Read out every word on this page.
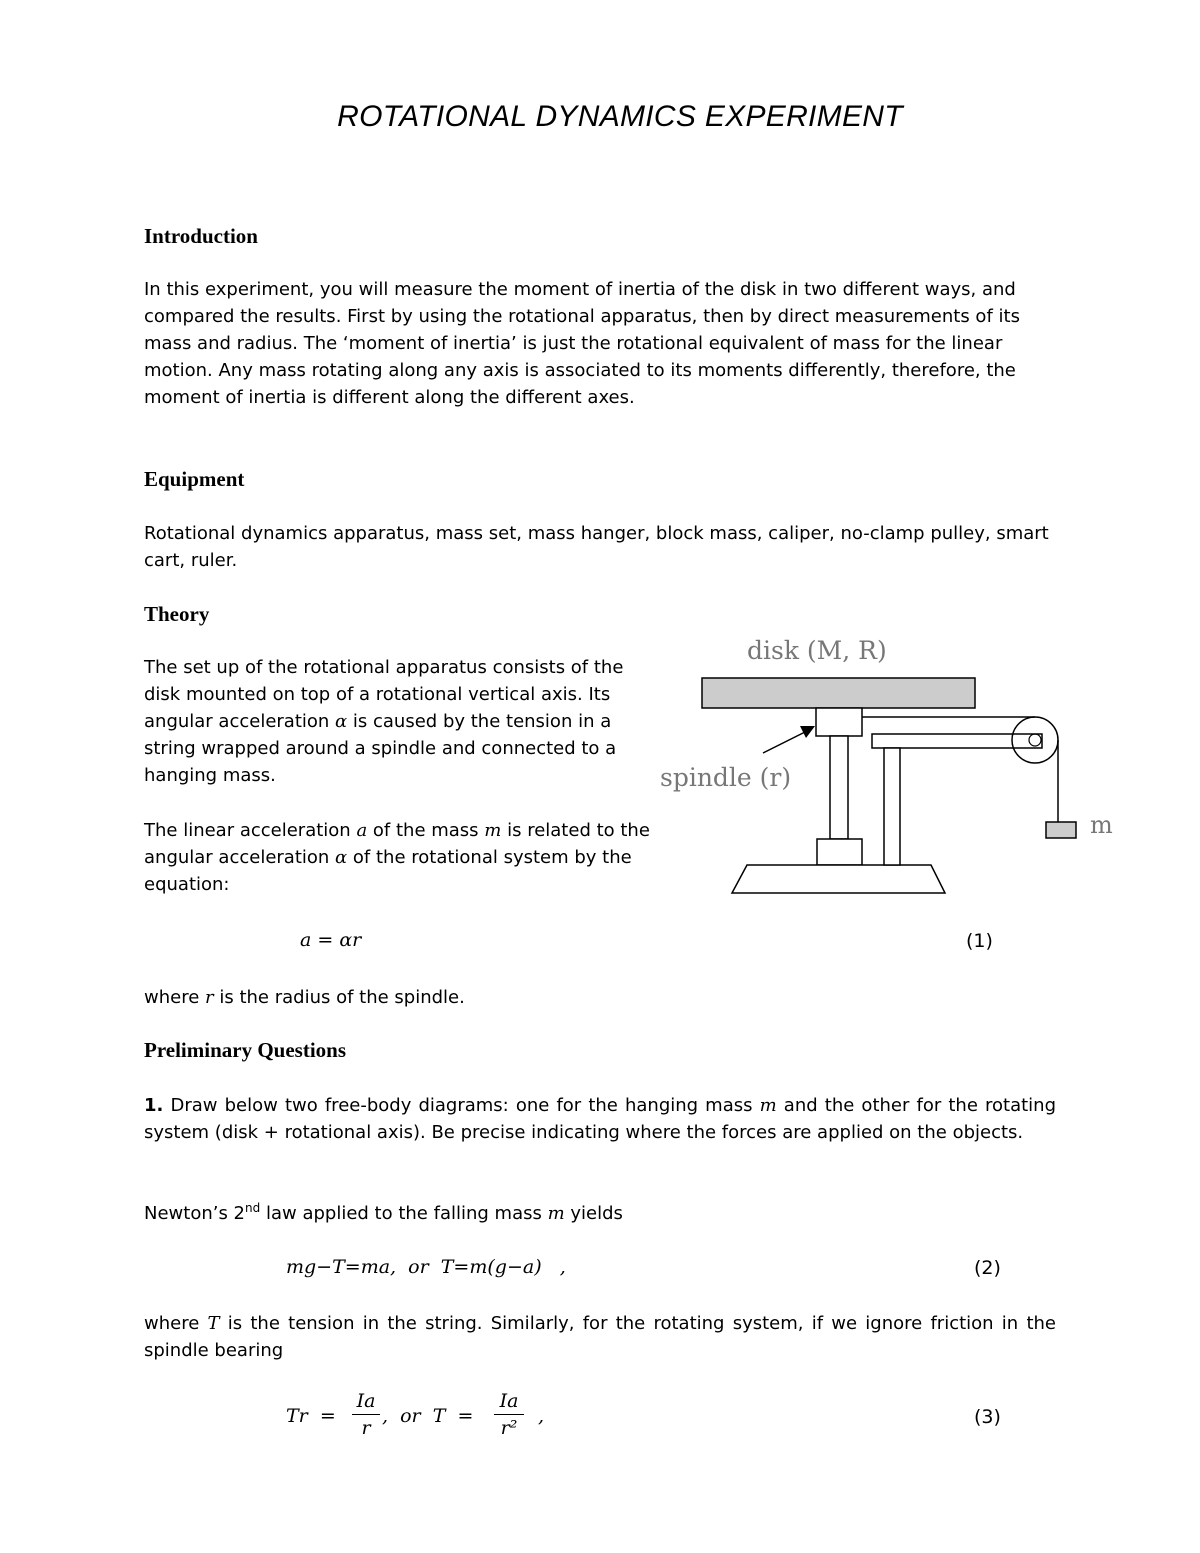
ROTATIONAL DYNAMICS EXPERIMENT
Introduction
In this experiment, you will measure the moment of inertia of the disk in two different ways, and compared the results. First by using the rotational apparatus, then by direct measurements of its mass and radius. The ‘moment of inertia’ is just the rotational equivalent of mass for the linear motion. Any mass rotating along any axis is associated to its moments differently, therefore, the moment of inertia is different along the different axes.
Equipment
Rotational dynamics apparatus, mass set, mass hanger, block mass, caliper, no-clamp pulley, smart cart, ruler.
Theory
The set up of the rotational apparatus consists of the disk mounted on top of a rotational vertical axis. Its angular acceleration α is caused by the tension in a string wrapped around a spindle and connected to a hanging mass.
The linear acceleration a of the mass m is related to the angular acceleration α of the rotational system by the equation:
disk (M, R)
m
spindle (r)
a = αr	(1)
where r is the radius of the spindle.
Preliminary Questions
1. Draw below two free-body diagrams: one for the hanging mass m and the other for the rotating system (disk + rotational axis). Be precise indicating where the forces are applied on the objects.
Newton’s 2nd law applied to the falling mass m yields
mg−T=ma,  or  T=m(g−a)   ,	(2)
where T is the tension in the string. Similarly, for the rotating system, if we ignore friction in the spindle bearing
Tr  =
Ia
r
,  or  T  =
Ia
r²
,	(3)
